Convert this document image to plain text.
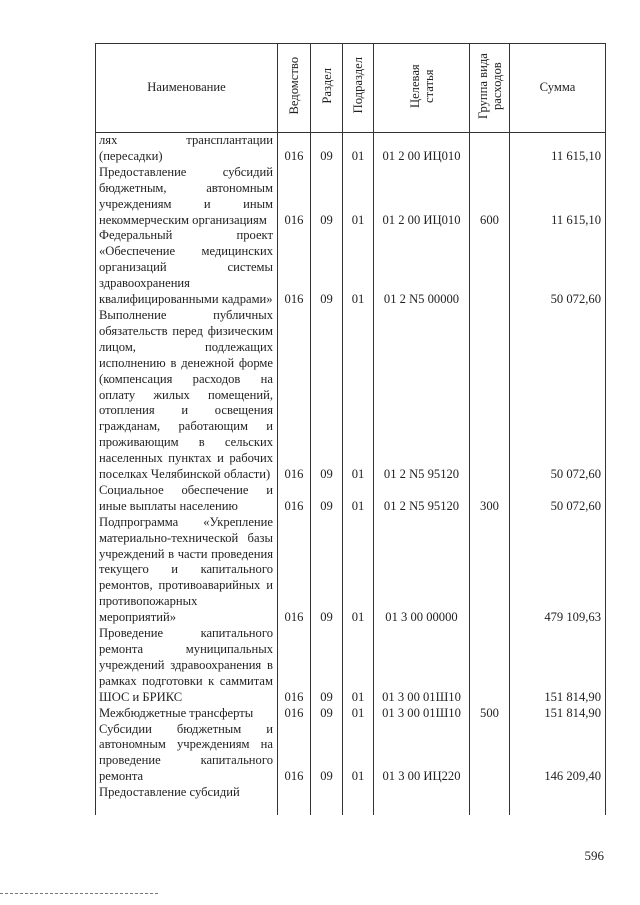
Наименование	Ведомство	Раздел	Подраздел	Целевая статья	Группа вида расходов	Сумма
лях трансплантации (пересадки)	016	09	01	01 2 00 ИЦ010		11 615,10
Предоставление субсидий бюджетным, автономным учреждениям и иным некоммерческим организациям	016	09	01	01 2 00 ИЦ010	600	11 615,10
Федеральный проект «Обеспечение медицинских организаций системы здравоохранения квалифицированными кадрами»	016	09	01	01 2 N5 00000		50 072,60
Выполнение публичных обязательств перед физическим лицом, подлежащих исполнению в денежной форме (компенсация расходов на оплату жилых помещений, отопления и освещения гражданам, работающим и проживающим в сельских населенных пунктах и рабочих поселках Челябинской области)	016	09	01	01 2 N5 95120		50 072,60
Социальное обеспечение и иные выплаты населению	016	09	01	01 2 N5 95120	300	50 072,60
Подпрограмма «Укрепление материально-технической базы учреждений в части проведения текущего и капитального ремонтов, противоаварийных и противопожарных мероприятий»	016	09	01	01 3 00 00000		479 109,63
Проведение капитального ремонта муниципальных учреждений здравоохранения в рамках подготовки к саммитам ШОС и БРИКС	016	09	01	01 3 00 01Ш10		151 814,90
Межбюджетные трансферты	016	09	01	01 3 00 01Ш10	500	151 814,90
Субсидии бюджетным и автономным учреждениям на проведение капитального ремонта	016	09	01	01 3 00 ИЦ220		146 209,40
Предоставление субсидий						
596
